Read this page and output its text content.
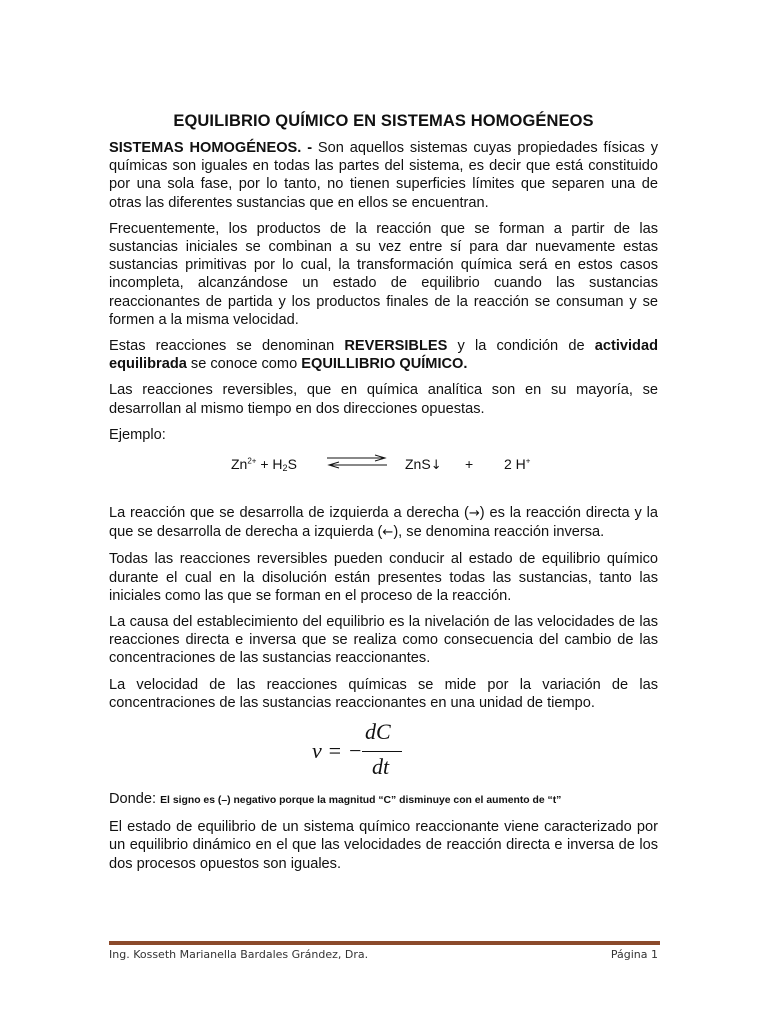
EQUILIBRIO QUÍMICO EN SISTEMAS HOMOGÉNEOS

SISTEMAS HOMOGÉNEOS. - Son aquellos sistemas cuyas propiedades físicas y químicas son iguales en todas las partes del sistema, es decir que está constituido por una sola fase, por lo tanto, no tienen superficies límites que separen una de otras las diferentes sustancias que en ellos se encuentran.

Frecuentemente, los productos de la reacción que se forman a partir de las sustancias iniciales se combinan a su vez entre sí para dar nuevamente estas sustancias primitivas por lo cual, la transformación química será en estos casos incompleta, alcanzándose un estado de equilibrio cuando las sustancias reaccionantes de partida y los productos finales de la reacción se consuman y se formen a la misma velocidad.

Estas reacciones se denominan REVERSIBLES y la condición de actividad equilibrada se conoce como EQUILLIBRIO QUÍMICO.

Las reacciones reversibles, que en química analítica son en su mayoría, se desarrollan al mismo tiempo en dos direcciones opuestas.

Ejemplo:

$Zn^{2+} + H_2S$	ZnS↓ + 2 H+

La reacción que se desarrolla de izquierda a derecha (→) es la reacción directa y la que se desarrolla de derecha a izquierda (←), se denomina reacción inversa.

Todas las reacciones reversibles pueden conducir al estado de equilibrio químico durante el cual en la disolución están presentes todas las sustancias, tanto las iniciales como las que se forman en el proceso de la reacción.

La causa del establecimiento del equilibrio es la nivelación de las velocidades de las reacciones directa e inversa que se realiza como consecuencia del cambio de las concentraciones de las sustancias reaccionantes.

La velocidad de las reacciones químicas se mide por la variación de las concentraciones de las sustancias reaccionantes en una unidad de tiempo.

v = −
dC
dt

Donde: El signo es (–) negativo porque la magnitud “C” disminuye con el aumento de “t”

El estado de equilibrio de un sistema químico reaccionante viene caracterizado por un equilibrio dinámico en el que las velocidades de reacción directa e inversa de los dos procesos opuestos son iguales.

Ing. Kosseth Marianella Bardales Grández, Dra.	Página 1
